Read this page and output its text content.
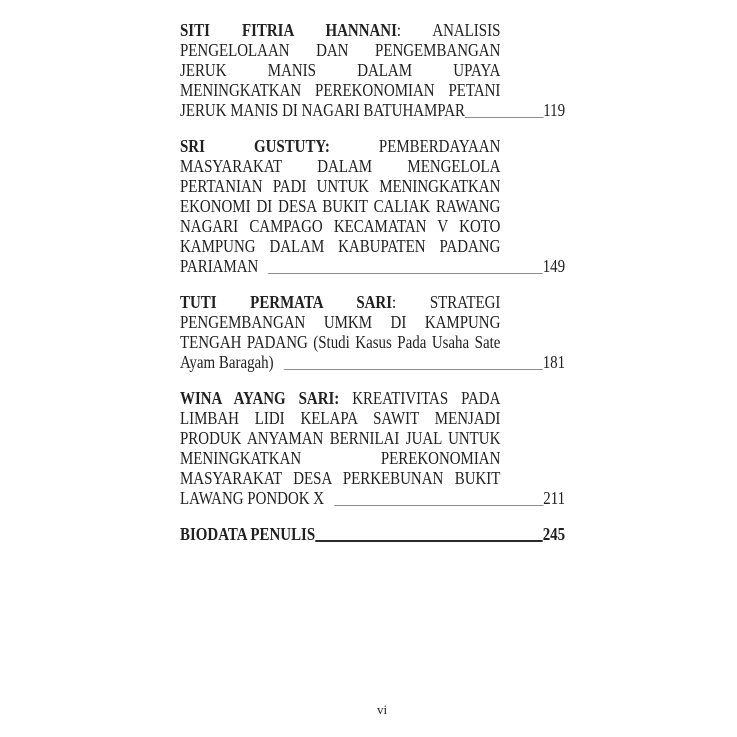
SITI FITRIA HANNANI: ANALISIS
PENGELOLAAN DAN PENGEMBANGAN
JERUK MANIS DALAM UPAYA
MENINGKATKAN PEREKONOMIAN PETANI
JERUK MANIS DI NAGARI BATUHAMPAR	119
SRI GUSTUTY: PEMBERDAYAAN
MASYARAKAT DALAM MENGELOLA
PERTANIAN PADI UNTUK MENINGKATKAN
EKONOMI DI DESA BUKIT CALIAK RAWANG
NAGARI CAMPAGO KECAMATAN V KOTO
KAMPUNG DALAM KABUPATEN PADANG
PARIAMAN	149
TUTI PERMATA SARI: STRATEGI
PENGEMBANGAN UMKM DI KAMPUNG
TENGAH PADANG (Studi Kasus Pada Usaha Sate
Ayam Baragah)	181
WINA AYANG SARI: KREATIVITAS PADA
LIMBAH LIDI KELAPA SAWIT MENJADI
PRODUK ANYAMAN BERNILAI JUAL UNTUK
MENINGKATKAN PEREKONOMIAN
MASYARAKAT DESA PERKEBUNAN BUKIT
LAWANG PONDOK X	211
BIODATA PENULIS	245
vi
